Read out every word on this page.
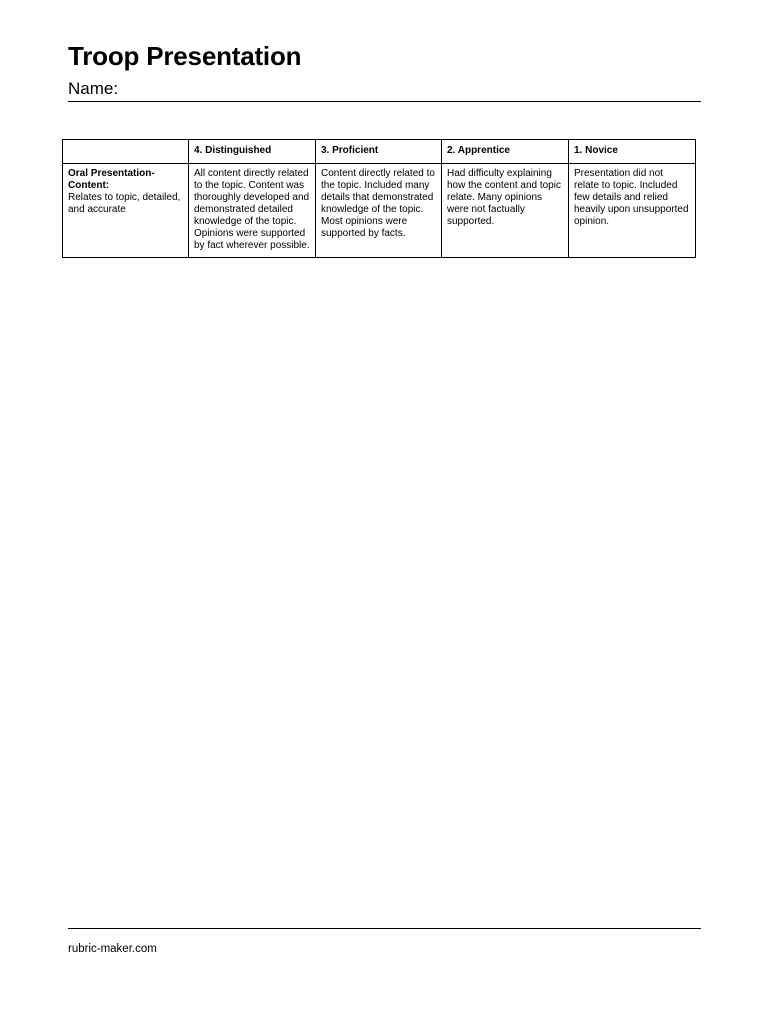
Troop Presentation
Name:
	4. Distinguished	3. Proficient	2. Apprentice	1. Novice

Oral Presentation-Content:
Relates to topic, detailed, and accurate	All content directly related to the topic. Content was thoroughly developed and demonstrated detailed knowledge of the topic. Opinions were supported by fact wherever possible.	Content directly related to the topic. Included many details that demonstrated knowledge of the topic. Most opinions were supported by facts.	Had difficulty explaining how the content and topic relate. Many opinions were not factually supported.	Presentation did not relate to topic. Included few details and relied heavily upon unsupported opinion.
rubric-maker.com
